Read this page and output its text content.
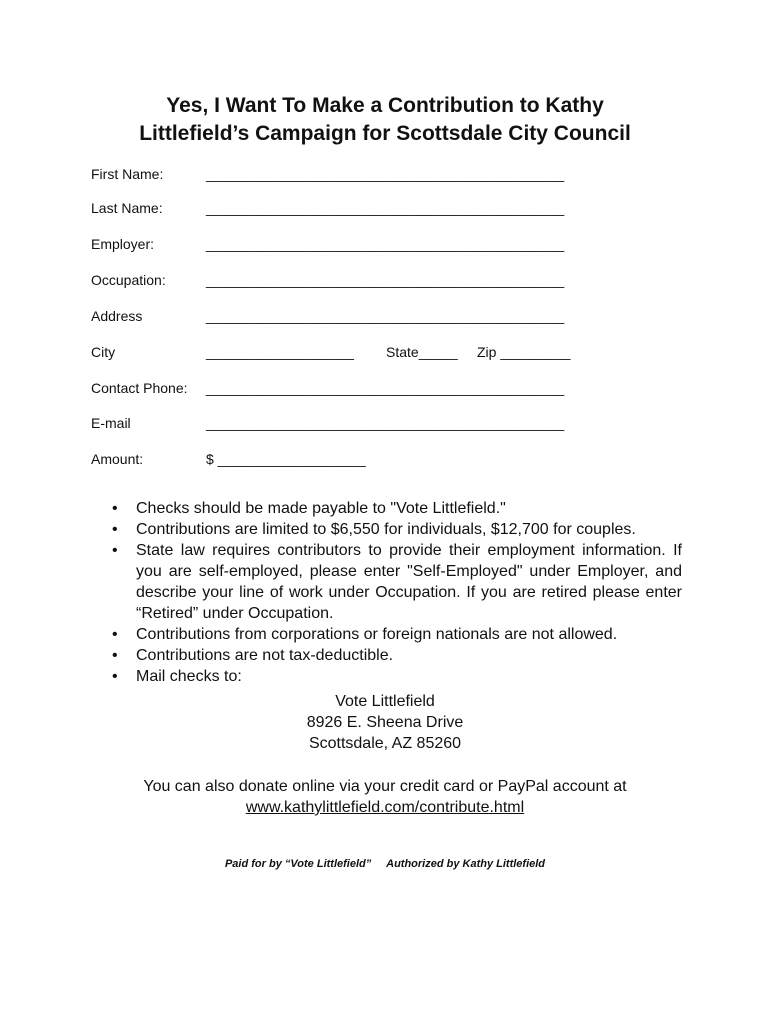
Yes, I Want To Make a Contribution to Kathy
Littlefield’s Campaign for Scottsdale City Council
First Name:	______________________________________________
Last Name:	______________________________________________
Employer:	______________________________________________
Occupation:	______________________________________________
Address	______________________________________________
City	___________________ State_____ Zip _________
Contact Phone: ______________________________________________
E-mail	______________________________________________
Amount:	$ ___________________
• Checks should be made payable to "Vote Littlefield."
• Contributions are limited to $6,550 for individuals, $12,700 for couples.
• State law requires contributors to provide their employment information. If you are self-employed, please enter "Self-Employed" under Employer, and describe your line of work under Occupation. If you are retired please enter “Retired” under Occupation.
• Contributions from corporations or foreign nationals are not allowed.
• Contributions are not tax-deductible.
• Mail checks to:
Vote Littlefield
8926 E. Sheena Drive
Scottsdale, AZ 85260
You can also donate online via your credit card or PayPal account at
www.kathylittlefield.com/contribute.html
Paid for by “Vote Littlefield” Authorized by Kathy Littlefield
